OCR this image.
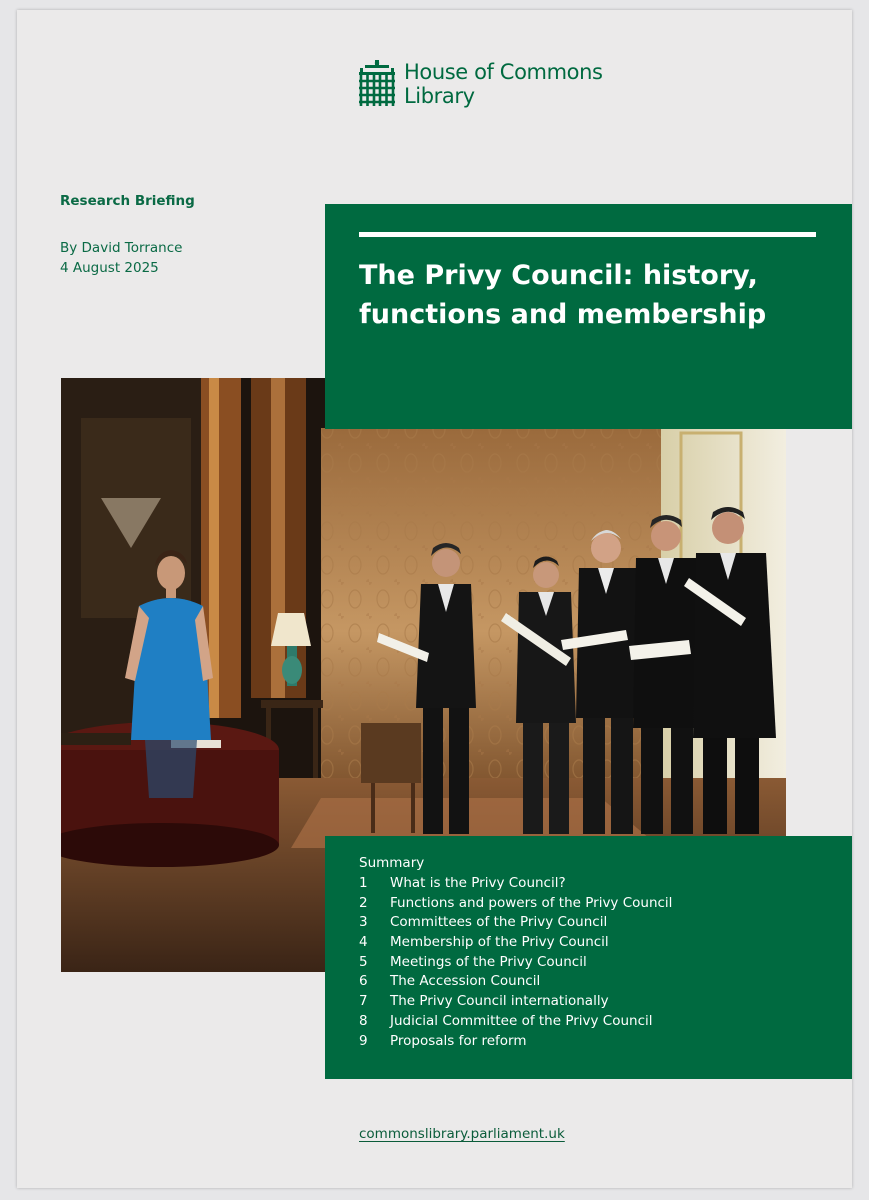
House of Commons
Library
Research Briefing
By David Torrance
4 August 2025	The Privy Council: history, functions and membership
Summary
1 What is the Privy Council?
2 Functions and powers of the Privy Council
3 Committees of the Privy Council
4 Membership of the Privy Council
5 Meetings of the Privy Council
6 The Accession Council
7 The Privy Council internationally
8 Judicial Committee of the Privy Council
9 Proposals for reform
commonslibrary.parliament.uk
